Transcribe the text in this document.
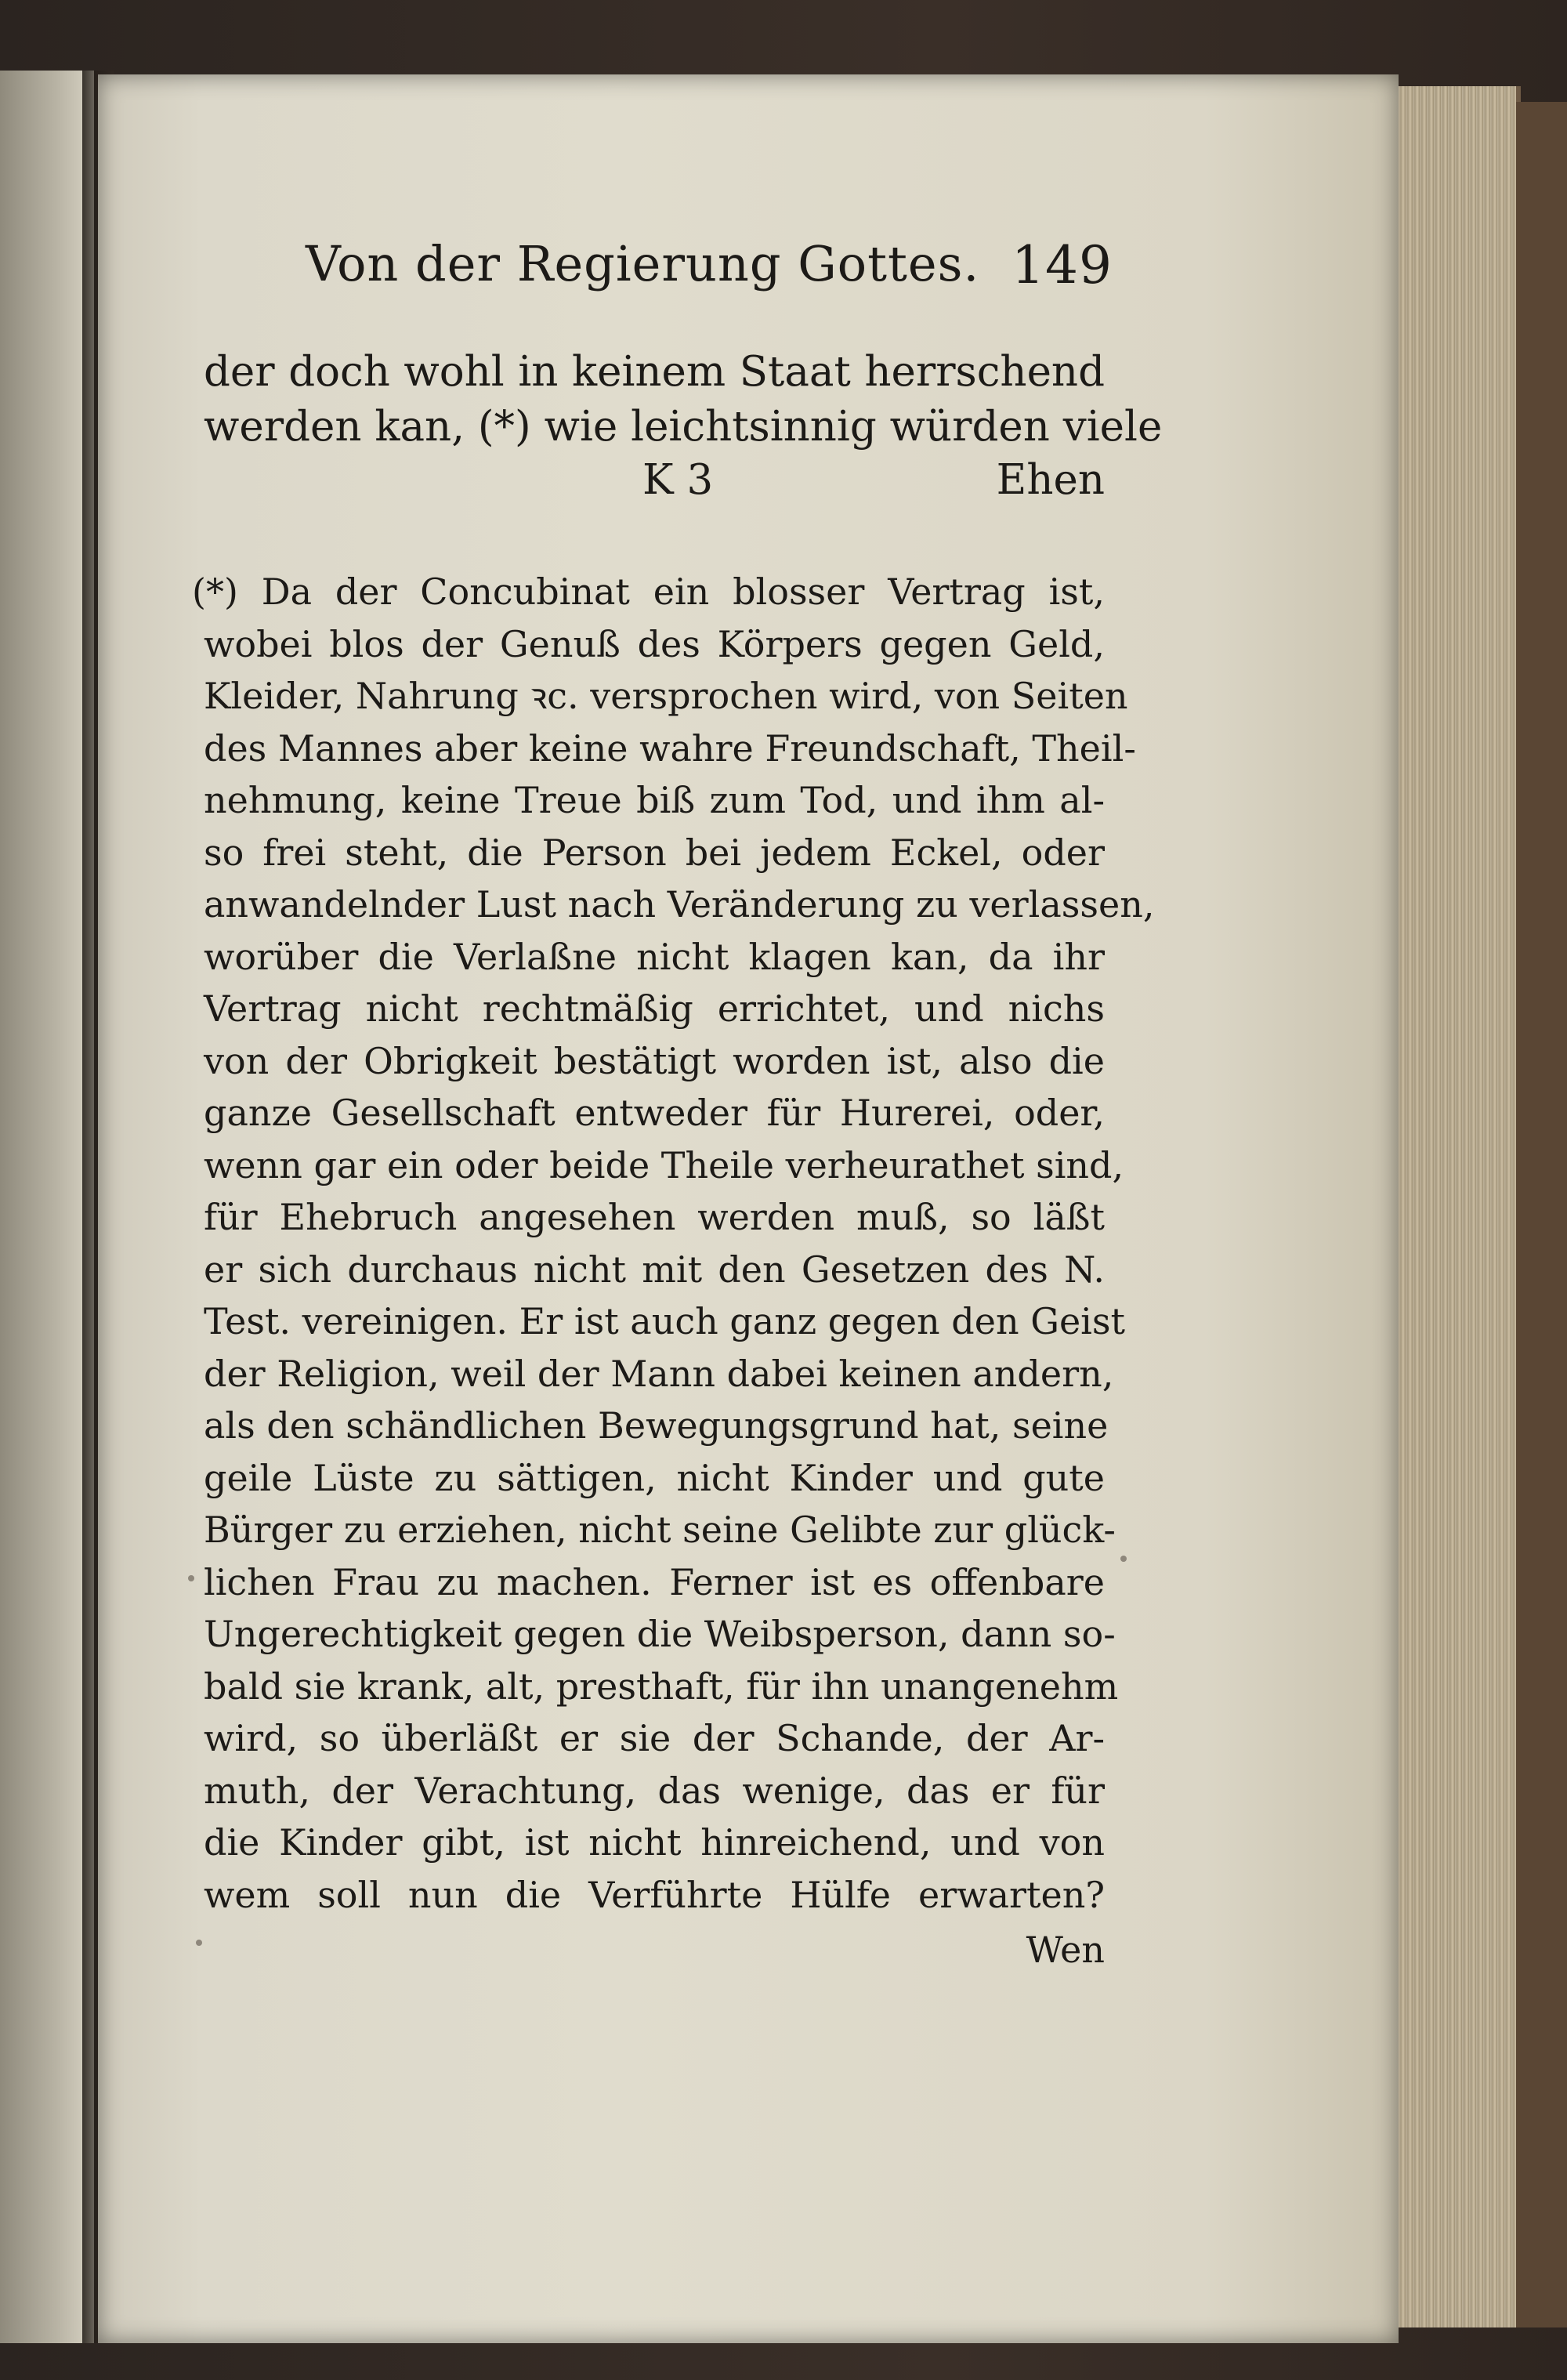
Von der Regierung Gottes. 149
der doch wohl in keinem Staat herrschend
werden kan, (*) wie leichtsinnig würden viele
K 3	Ehen
(*) Da der Concubinat ein blosser Vertrag ist,
wobei blos der Genuß des Körpers gegen Geld,
Kleider, Nahrung ꝛc. versprochen wird, von Seiten
des Mannes aber keine wahre Freundschaft, Theil-
nehmung, keine Treue biß zum Tod, und ihm al-
so frei steht, die Person bei jedem Eckel, oder
anwandelnder Lust nach Veränderung zu verlassen,
worüber die Verlaßne nicht klagen kan, da ihr
Vertrag nicht rechtmäßig errichtet, und nichs
von der Obrigkeit bestätigt worden ist, also die
ganze Gesellschaft entweder für Hurerei, oder,
wenn gar ein oder beide Theile verheurathet sind,
für Ehebruch angesehen werden muß, so läßt
er sich durchaus nicht mit den Gesetzen des N.
Test. vereinigen. Er ist auch ganz gegen den Geist
der Religion, weil der Mann dabei keinen andern,
als den schändlichen Bewegungsgrund hat, seine
geile Lüste zu sättigen, nicht Kinder und gute
Bürger zu erziehen, nicht seine Gelibte zur glück-
lichen Frau zu machen. Ferner ist es offenbare
Ungerechtigkeit gegen die Weibsperson, dann so-
bald sie krank, alt, presthaft, für ihn unangenehm
wird, so überläßt er sie der Schande, der Ar-
muth, der Verachtung, das wenige, das er für
die Kinder gibt, ist nicht hinreichend, und von
wem soll nun die Verführte Hülfe erwarten?
Wen
